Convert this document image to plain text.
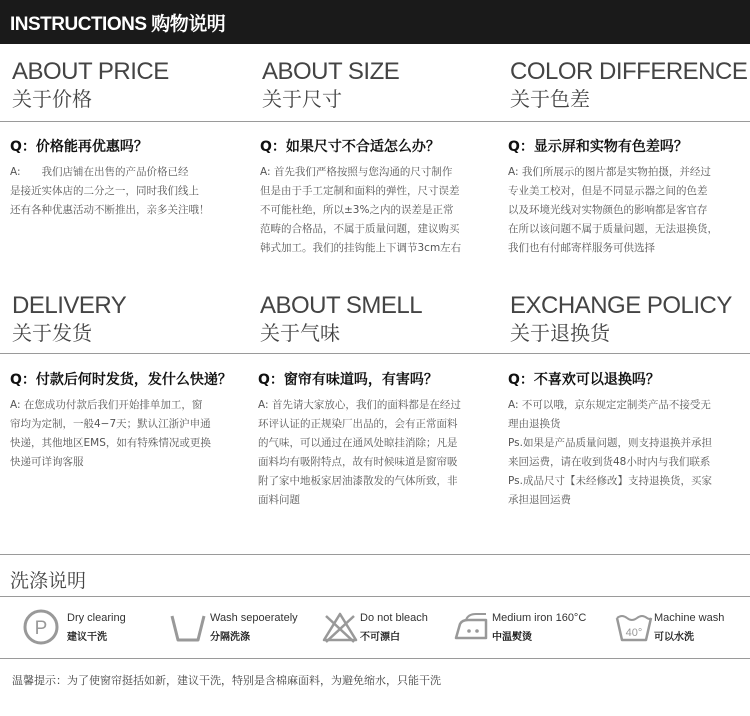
INSTRUCTIONS 购物说明
ABOUT PRICE
关于价格
ABOUT SIZE
关于尺寸
COLOR DIFFERENCE
关于色差
Q：价格能再优惠吗？

A:　　我们店铺在出售的产品价格已经

是接近实体店的二分之一，同时我们线上

还有各种优惠活动不断推出，亲多关注哦！

Q：如果尺寸不合适怎么办？

A: 首先我们严格按照与您沟通的尺寸制作

但是由于手工定制和面料的弹性，尺寸误差

不可能杜绝，所以±3%之内的误差是正常

范畴的合格品，不属于质量问题，建议购买

韩式加工。我们的挂钩能上下调节3cm左右

Q：显示屏和实物有色差吗？

A: 我们所展示的图片都是实物拍摄，并经过

专业美工校对，但是不同显示器之间的色差

以及环境光线对实物颜色的影响都是客官存

在所以该问题不属于质量问题，无法退换货，

我们也有付邮寄样服务可供选择

DELIVERY
关于发货
ABOUT SMELL
关于气味
EXCHANGE POLICY
关于退换货
Q：付款后何时发货，发什么快递？

A: 在您成功付款后我们开始排单加工，窗

帘均为定制，一般4−7天；默认江浙沪申通

快递，其他地区EMS，如有特殊情况或更换

快递可详询客服

Q：窗帘有味道吗，有害吗？

A: 首先请大家放心，我们的面料都是在经过

环评认证的正规染厂出品的，会有正常面料

的气味，可以通过在通风处晾挂消除；凡是

面料均有吸附特点，故有时候味道是窗帘吸

附了家中地板家居油漆散发的气体所致，非

面料问题

Q：不喜欢可以退换吗？

A: 不可以哦，京东规定定制类产品不接受无

理由退换货

Ps.如果是产品质量问题，则支持退换并承担

来回运费，请在收到货48小时内与我们联系

Ps.成品尺寸【未经修改】支持退换货，买家

承担退回运费

洗涤说明
P Dry clearing
建议干洗
Wash sepoerately
分隔洗涤
Do not bleach
不可漂白
Medium iron 160°C
中温熨烫	40°
Machine wash
可以水洗
温馨提示：为了使窗帘挺括如新，建议干洗，特别是含棉麻面料，为避免缩水，只能干洗
